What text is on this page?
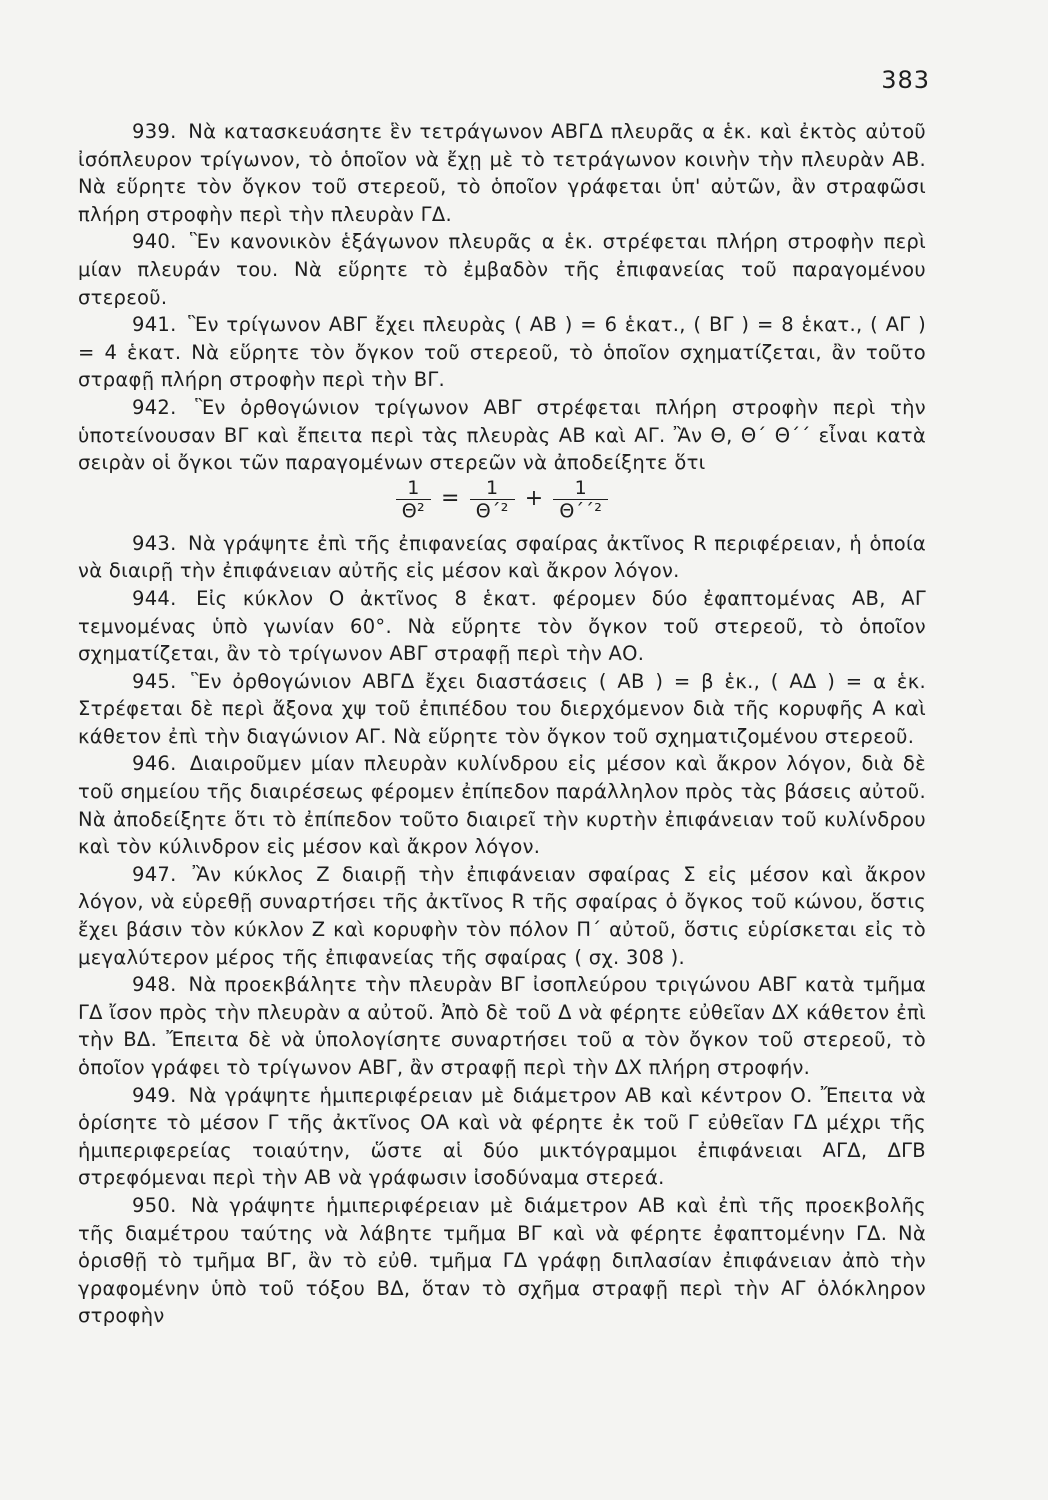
383

939. Νὰ κατασκευάσητε ἓν τετράγωνον ΑΒΓΔ πλευρᾶς α ἑκ. καὶ ἐκτὸς αὐτοῦ ἰσόπλευρον τρίγωνον, τὸ ὁποῖον νὰ ἔχῃ μὲ τὸ τετράγωνον κοινὴν τὴν πλευρὰν ΑΒ. Νὰ εὕρητε τὸν ὄγκον τοῦ στερεοῦ, τὸ ὁποῖον γράφεται ὑπ' αὐτῶν, ἂν στραφῶσι πλήρη στροφὴν περὶ τὴν πλευρὰν ΓΔ.

940. Ἓν κανονικὸν ἑξάγωνον πλευρᾶς α ἑκ. στρέφεται πλήρη στροφὴν περὶ μίαν πλευράν του. Νὰ εὕρητε τὸ ἐμβαδὸν τῆς ἐπιφανείας τοῦ παραγομένου στερεοῦ.

941. Ἓν τρίγωνον ΑΒΓ ἔχει πλευρὰς ( ΑΒ ) = 6 ἑκατ., ( ΒΓ ) = 8 ἑκατ., ( ΑΓ ) = 4 ἑκατ. Νὰ εὕρητε τὸν ὄγκον τοῦ στερεοῦ, τὸ ὁποῖον σχηματίζεται, ἂν τοῦτο στραφῇ πλήρη στροφὴν περὶ τὴν ΒΓ.

942. Ἓν ὀρθογώνιον τρίγωνον ΑΒΓ στρέφεται πλήρη στροφὴν περὶ τὴν ὑποτείνουσαν ΒΓ καὶ ἔπειτα περὶ τὰς πλευρὰς ΑΒ καὶ ΑΓ. Ἂν Θ, Θ΄ Θ΄΄ εἶναι κατὰ σειρὰν οἱ ὄγκοι τῶν παραγομένων στερεῶν νὰ ἀποδείξητε ὅτι

$\frac{1}{\text{Θ²}} = \frac{1}{\text{Θ΄²}} + \frac{1}{\text{Θ΄΄²}}$

943. Νὰ γράψητε ἐπὶ τῆς ἐπιφανείας σφαίρας ἀκτῖνος R περιφέρειαν, ἡ ὁποία νὰ διαιρῇ τὴν ἐπιφάνειαν αὐτῆς εἰς μέσον καὶ ἄκρον λόγον.

944. Εἰς κύκλον Ο ἀκτῖνος 8 ἑκατ. φέρομεν δύο ἐφαπτομένας ΑΒ, ΑΓ τεμνομένας ὑπὸ γωνίαν 60°. Νὰ εὕρητε τὸν ὄγκον τοῦ στερεοῦ, τὸ ὁποῖον σχηματίζεται, ἂν τὸ τρίγωνον ΑΒΓ στραφῇ περὶ τὴν ΑΟ.

945. Ἓν ὀρθογώνιον ΑΒΓΔ ἔχει διαστάσεις ( ΑΒ ) = β ἑκ., ( ΑΔ ) = α ἑκ. Στρέφεται δὲ περὶ ἄξονα χψ τοῦ ἐπιπέδου του διερχόμενον διὰ τῆς κορυφῆς Α καὶ κάθετον ἐπὶ τὴν διαγώνιον ΑΓ. Νὰ εὕρητε τὸν ὄγκον τοῦ σχηματιζομένου στερεοῦ.

946. Διαιροῦμεν μίαν πλευρὰν κυλίνδρου εἰς μέσον καὶ ἄκρον λόγον, διὰ δὲ τοῦ σημείου τῆς διαιρέσεως φέρομεν ἐπίπεδον παράλληλον πρὸς τὰς βάσεις αὐτοῦ. Νὰ ἀποδείξητε ὅτι τὸ ἐπίπεδον τοῦτο διαιρεῖ τὴν κυρτὴν ἐπιφάνειαν τοῦ κυλίνδρου καὶ τὸν κύλινδρον εἰς μέσον καὶ ἄκρον λόγον.

947. Ἂν κύκλος Ζ διαιρῇ τὴν ἐπιφάνειαν σφαίρας Σ εἰς μέσον καὶ ἄκρον λόγον, νὰ εὑρεθῇ συναρτήσει τῆς ἀκτῖνος R τῆς σφαίρας ὁ ὄγκος τοῦ κώνου, ὅστις ἔχει βάσιν τὸν κύκλον Ζ καὶ κορυφὴν τὸν πόλον Π΄ αὐτοῦ, ὅστις εὑρίσκεται εἰς τὸ μεγαλύτερον μέρος τῆς ἐπιφανείας τῆς σφαίρας ( σχ. 308 ).

948. Νὰ προεκβάλητε τὴν πλευρὰν ΒΓ ἰσοπλεύρου τριγώνου ΑΒΓ κατὰ τμῆμα ΓΔ ἴσον πρὸς τὴν πλευρὰν α αὐτοῦ. Ἀπὸ δὲ τοῦ Δ νὰ φέρητε εὐθεῖαν ΔΧ κάθετον ἐπὶ τὴν ΒΔ. Ἔπειτα δὲ νὰ ὑπολογίσητε συναρτήσει τοῦ α τὸν ὄγκον τοῦ στερεοῦ, τὸ ὁποῖον γράφει τὸ τρίγωνον ΑΒΓ, ἂν στραφῇ περὶ τὴν ΔΧ πλήρη στροφήν.

949. Νὰ γράψητε ἡμιπεριφέρειαν μὲ διάμετρον ΑΒ καὶ κέντρον Ο. Ἔπειτα νὰ ὁρίσητε τὸ μέσον Γ τῆς ἀκτῖνος ΟΑ καὶ νὰ φέρητε ἐκ τοῦ Γ εὐθεῖαν ΓΔ μέχρι τῆς ἡμιπεριφερείας τοιαύτην, ὥστε αἱ δύο μικτόγραμμοι ἐπιφάνειαι ΑΓΔ, ΔΓΒ στρεφόμεναι περὶ τὴν ΑΒ νὰ γράφωσιν ἰσοδύναμα στερεά.

950. Νὰ γράψητε ἡμιπεριφέρειαν μὲ διάμετρον ΑΒ καὶ ἐπὶ τῆς προεκβολῆς τῆς διαμέτρου ταύτης νὰ λάβητε τμῆμα ΒΓ καὶ νὰ φέρητε ἐφαπτομένην ΓΔ. Νὰ ὁρισθῇ τὸ τμῆμα ΒΓ, ἂν τὸ εὐθ. τμῆμα ΓΔ γράφῃ διπλασίαν ἐπιφάνειαν ἀπὸ τὴν γραφομένην ὑπὸ τοῦ τόξου ΒΔ, ὅταν τὸ σχῆμα στραφῇ περὶ τὴν ΑΓ ὁλόκληρον στροφὴν
